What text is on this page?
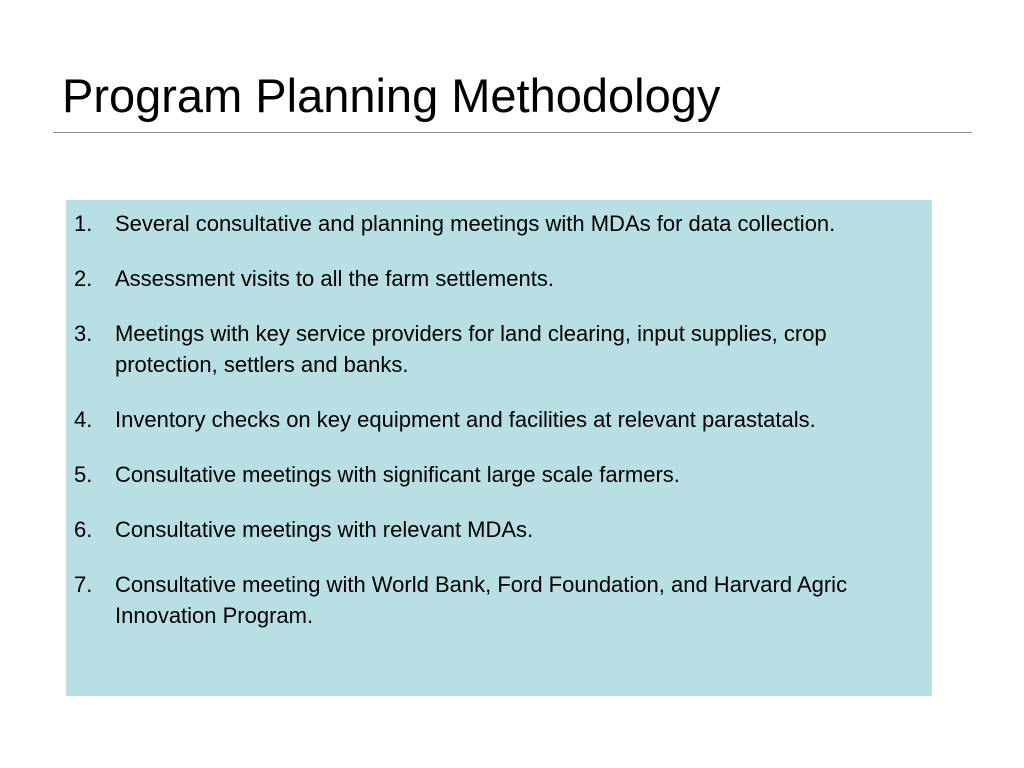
Program Planning Methodology
1.	Several consultative and planning meetings with MDAs for data collection.
2.	Assessment visits to all the farm settlements.
3.	Meetings with key service providers for land clearing, input supplies, crop protection, settlers and banks.
4.	Inventory checks on key equipment and facilities at relevant parastatals.
5.	Consultative meetings with significant large scale farmers.
6.	Consultative meetings with relevant MDAs.
7.	Consultative meeting with World Bank, Ford Foundation, and Harvard Agric Innovation Program.
